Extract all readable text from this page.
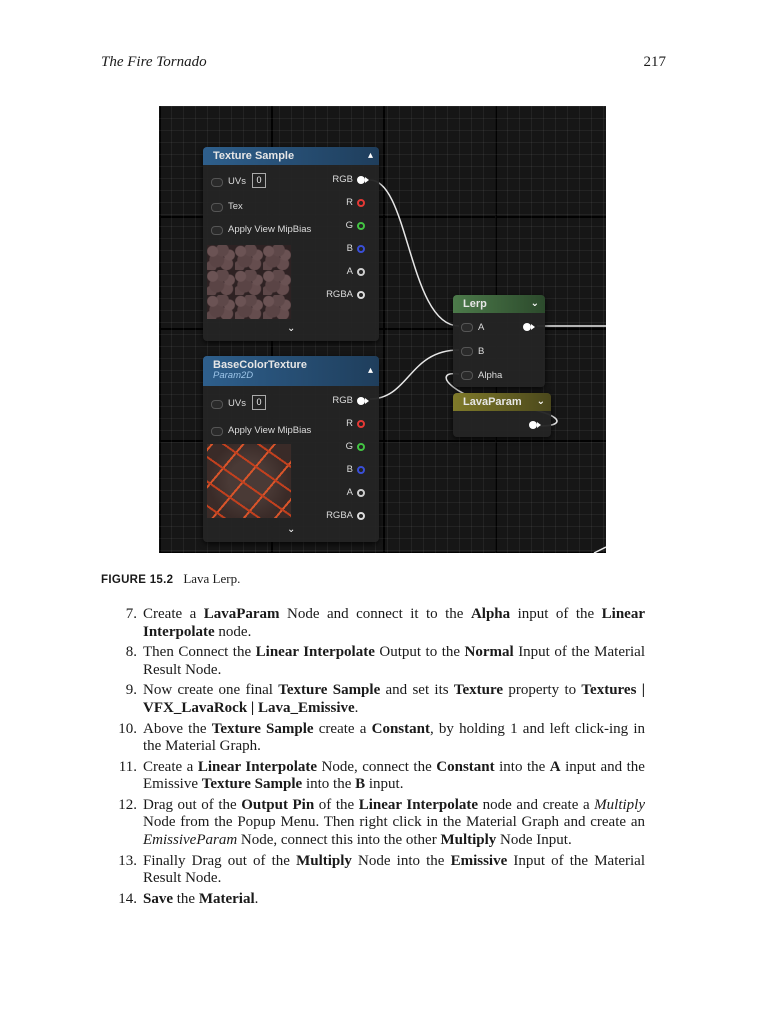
The Fire Tornado	217
Texture Sample	▴
UVs	0
Tex
Apply View MipBias
RGB
R
G
B
A
RGBA
⌄
BaseColorTexture
Param2D	▴
UVs	0
Apply View MipBias
RGB
R
G
B
A
RGBA
⌄
Lerp	⌄
A
B
Alpha
LavaParam ⌄
FIGURE 15.2 Lava Lerp.
7. Create a LavaParam Node and connect it to the Alpha input of the Linear Interpolate node.
8. Then Connect the Linear Interpolate Output to the Normal Input of the Material Result Node.
9. Now create one final Texture Sample and set its Texture property to Textures | VFX_LavaRock | Lava_Emissive.
10. Above the Texture Sample create a Constant, by holding 1 and left click-ing in the Material Graph.
11. Create a Linear Interpolate Node, connect the Constant into the A input and the Emissive Texture Sample into the B input.
12. Drag out of the Output Pin of the Linear Interpolate node and create a Multiply Node from the Popup Menu. Then right click in the Material Graph and create an EmissiveParam Node, connect this into the other Multiply Node Input.
13. Finally Drag out of the Multiply Node into the Emissive Input of the Material Result Node.
14. Save the Material.
